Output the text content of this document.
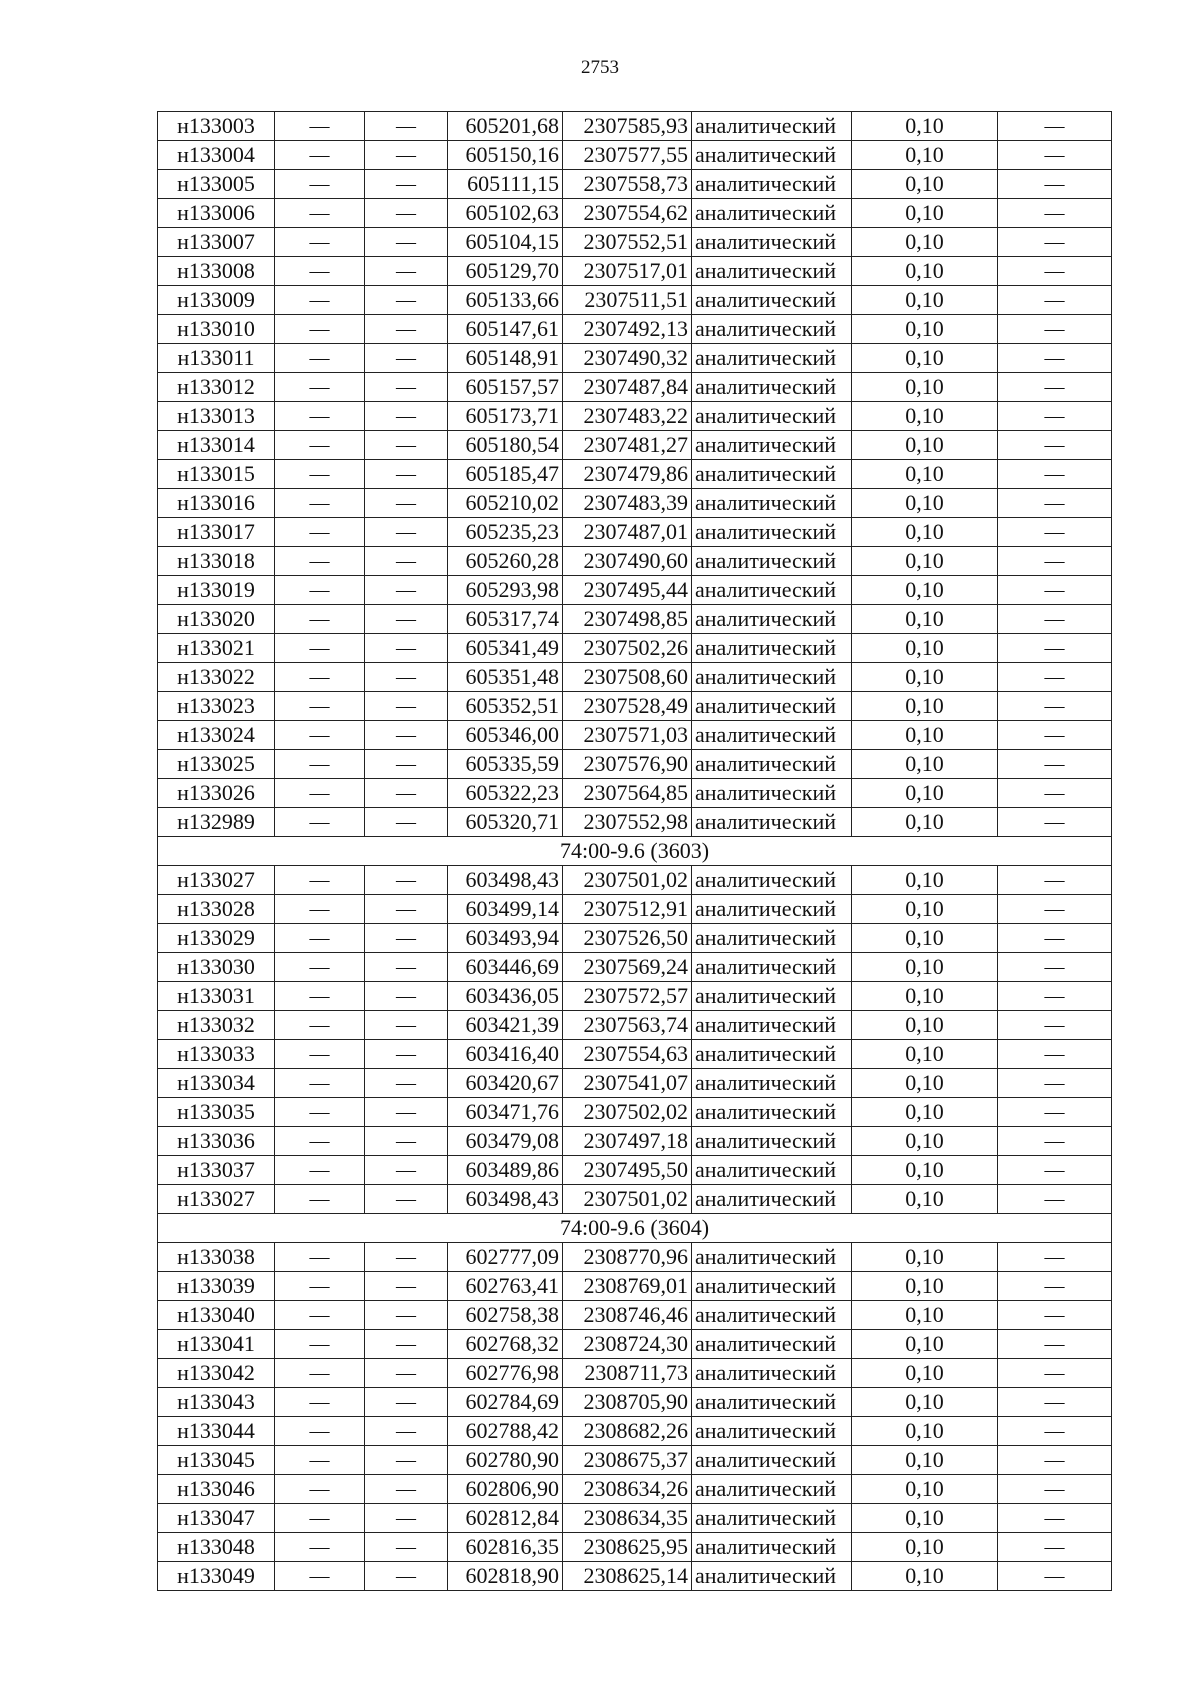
2753
н133003	—	—	605201,68	2307585,93	аналитический	0,10	—
н133004	—	—	605150,16	2307577,55	аналитический	0,10	—
н133005	—	—	605111,15	2307558,73	аналитический	0,10	—
н133006	—	—	605102,63	2307554,62	аналитический	0,10	—
н133007	—	—	605104,15	2307552,51	аналитический	0,10	—
н133008	—	—	605129,70	2307517,01	аналитический	0,10	—
н133009	—	—	605133,66	2307511,51	аналитический	0,10	—
н133010	—	—	605147,61	2307492,13	аналитический	0,10	—
н133011	—	—	605148,91	2307490,32	аналитический	0,10	—
н133012	—	—	605157,57	2307487,84	аналитический	0,10	—
н133013	—	—	605173,71	2307483,22	аналитический	0,10	—
н133014	—	—	605180,54	2307481,27	аналитический	0,10	—
н133015	—	—	605185,47	2307479,86	аналитический	0,10	—
н133016	—	—	605210,02	2307483,39	аналитический	0,10	—
н133017	—	—	605235,23	2307487,01	аналитический	0,10	—
н133018	—	—	605260,28	2307490,60	аналитический	0,10	—
н133019	—	—	605293,98	2307495,44	аналитический	0,10	—
н133020	—	—	605317,74	2307498,85	аналитический	0,10	—
н133021	—	—	605341,49	2307502,26	аналитический	0,10	—
н133022	—	—	605351,48	2307508,60	аналитический	0,10	—
н133023	—	—	605352,51	2307528,49	аналитический	0,10	—
н133024	—	—	605346,00	2307571,03	аналитический	0,10	—
н133025	—	—	605335,59	2307576,90	аналитический	0,10	—
н133026	—	—	605322,23	2307564,85	аналитический	0,10	—
н132989	—	—	605320,71	2307552,98	аналитический	0,10	—
74:00-9.6 (3603)							
н133027	—	—	603498,43	2307501,02	аналитический	0,10	—
н133028	—	—	603499,14	2307512,91	аналитический	0,10	—
н133029	—	—	603493,94	2307526,50	аналитический	0,10	—
н133030	—	—	603446,69	2307569,24	аналитический	0,10	—
н133031	—	—	603436,05	2307572,57	аналитический	0,10	—
н133032	—	—	603421,39	2307563,74	аналитический	0,10	—
н133033	—	—	603416,40	2307554,63	аналитический	0,10	—
н133034	—	—	603420,67	2307541,07	аналитический	0,10	—
н133035	—	—	603471,76	2307502,02	аналитический	0,10	—
н133036	—	—	603479,08	2307497,18	аналитический	0,10	—
н133037	—	—	603489,86	2307495,50	аналитический	0,10	—
н133027	—	—	603498,43	2307501,02	аналитический	0,10	—
74:00-9.6 (3604)							
н133038	—	—	602777,09	2308770,96	аналитический	0,10	—
н133039	—	—	602763,41	2308769,01	аналитический	0,10	—
н133040	—	—	602758,38	2308746,46	аналитический	0,10	—
н133041	—	—	602768,32	2308724,30	аналитический	0,10	—
н133042	—	—	602776,98	2308711,73	аналитический	0,10	—
н133043	—	—	602784,69	2308705,90	аналитический	0,10	—
н133044	—	—	602788,42	2308682,26	аналитический	0,10	—
н133045	—	—	602780,90	2308675,37	аналитический	0,10	—
н133046	—	—	602806,90	2308634,26	аналитический	0,10	—
н133047	—	—	602812,84	2308634,35	аналитический	0,10	—
н133048	—	—	602816,35	2308625,95	аналитический	0,10	—
н133049	—	—	602818,90	2308625,14	аналитический	0,10	—
